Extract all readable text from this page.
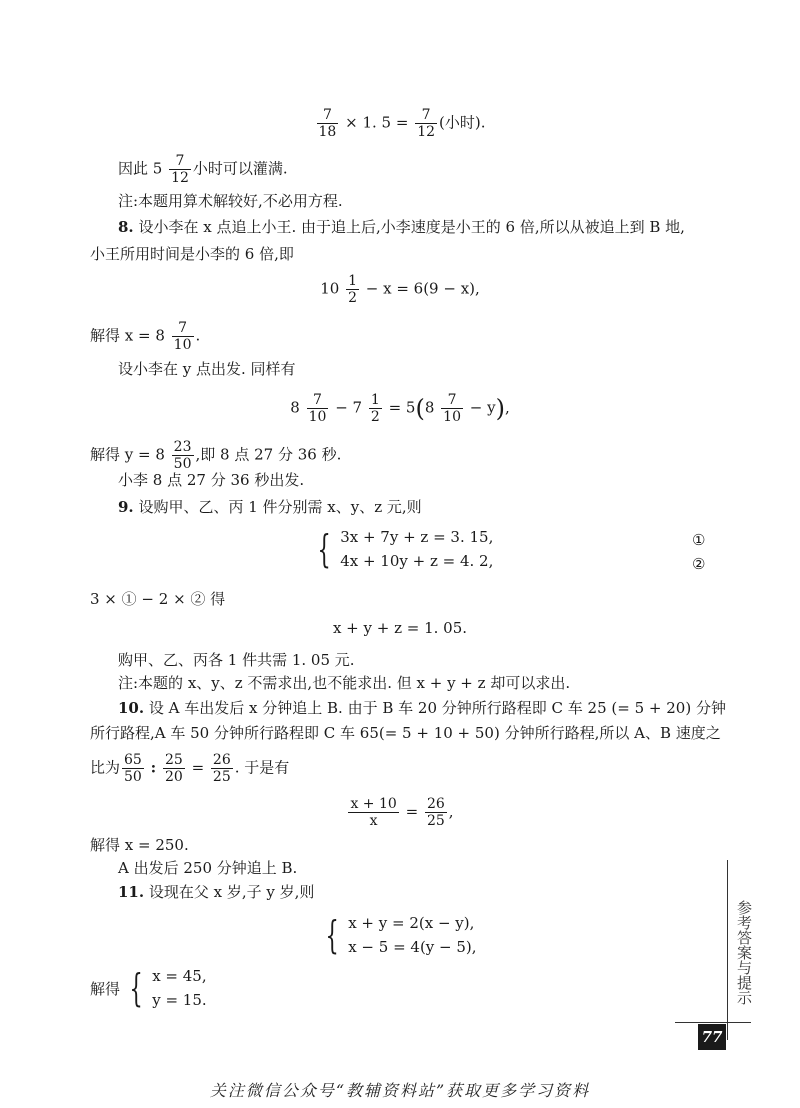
$\frac{7}{18} \times 1$. $5 = \frac{7}{12}$ (小时).
因此 $5 \frac{7}{12}$ 小时可以灌满.
注:本题用算术解较好,不必用方程.
8. 设小李在 x 点追上小王. 由于追上后,小李速度是小王的 6 倍,所以从被追上到 B 地,
小王所用时间是小李的 6 倍,即
$10 \frac{1}{2} - x = 6(9 - x)$,
解得 $x = 8 \frac{7}{10}$ .
设小李在 y 点出发. 同样有
$8 \frac{7}{10} - 7 \frac{1}{2} = 5(8 \frac{7}{10} - y)$,
解得 $y = 8 \frac{23}{50}$ ,即 8 点 27 分 36 秒.
小李 8 点 27 分 36 秒出发.
9. 设购甲、乙、丙 1 件分别需 x、y、z 元,则
{ 3x + 7y + z = 3. 15,
4x + 10y + z = 4. 2,
①
②
3 × ① − 2 × ② 得
x + y + z = 1. 05.
购甲、乙、丙各 1 件共需 1. 05 元.
注:本题的 x、y、z 不需求出,也不能求出. 但 x + y + z 却可以求出.
10. 设 A 车出发后 x 分钟追上 B. 由于 B 车 20 分钟所行路程即 C 车 25 (= 5 + 20) 分钟
所行路程,A 车 50 分钟所行路程即 C 车 65(= 5 + 10 + 50) 分钟所行路程,所以 A、B 速度之
比为 $\frac{65}{50}$ : $\frac{25}{20} = \frac{26}{25}$ . 于是有
$\frac{x + 10}{x} = \frac{26}{25}$ ,
解得 x = 250.
A 出发后 250 分钟追上 B.
11. 设现在父 x 岁,子 y 岁,则
{ x + y = 2(x − y),
x − 5 = 4(y − 5),
解得 { x = 45,
y = 15.	参考答案与提示
77
关注微信公众号“教辅资料站”获取更多学习资料
